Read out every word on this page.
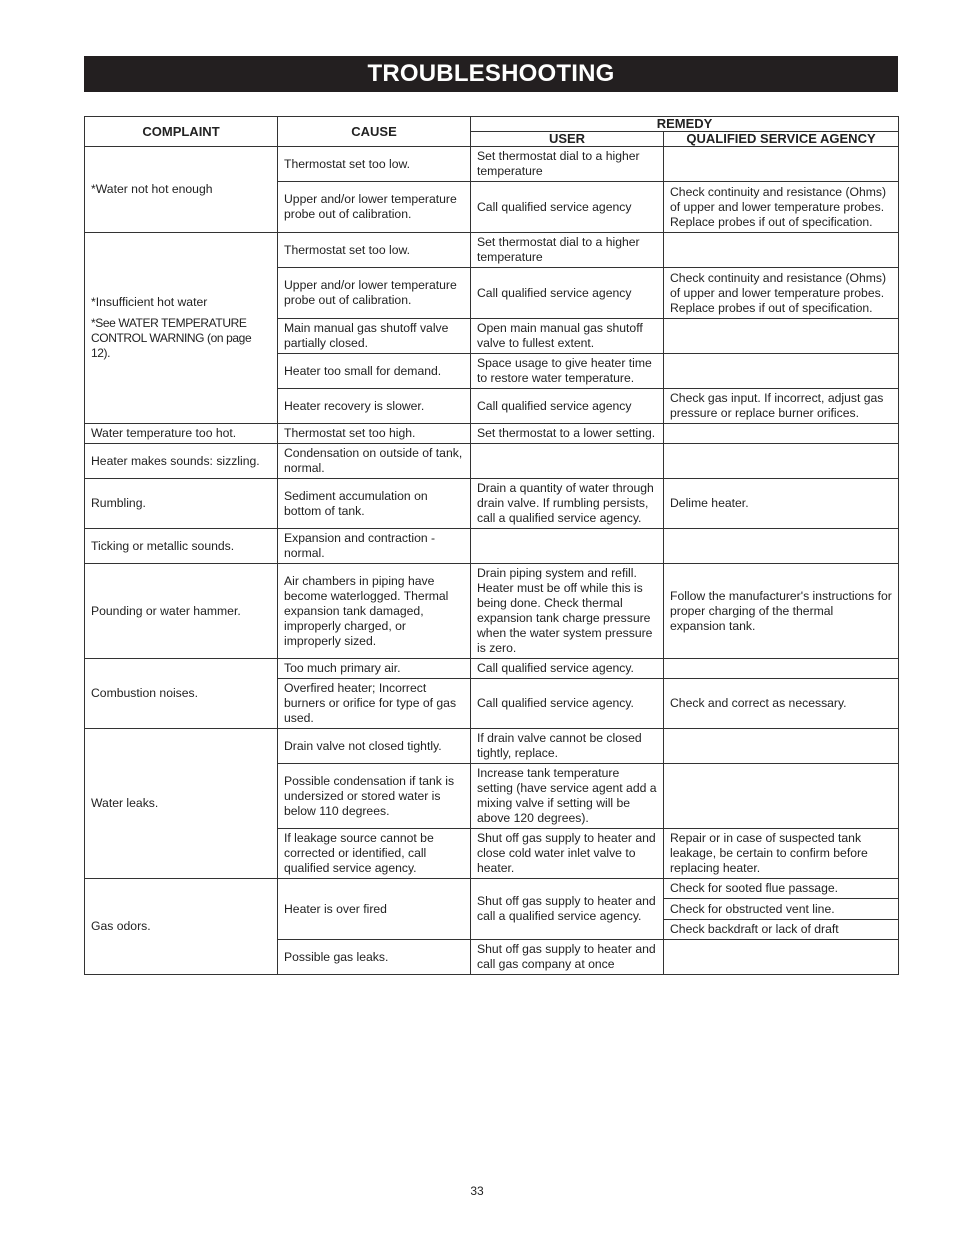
TROUBLESHOOTING
COMPLAINT	CAUSE	REMEDY	
		USER	QUALIFIED SERVICE AGENCY
*Water not hot enough	Thermostat set too low.	Set thermostat dial to a higher temperature	
	Upper and/or lower temperature probe out of calibration.	Call qualified service agency	Check continuity and resistance (Ohms) of upper and lower temperature probes. Replace probes if out of specification.

*Insufficient hot water
*See WATER TEMPERATURE CONTROL WARNING (on page 12).	Thermostat set too low.	Set thermostat dial to a higher temperature	
	Upper and/or lower temperature probe out of calibration.	Call qualified service agency	Check continuity and resistance (Ohms) of upper and lower temperature probes. Replace probes if out of specification.
	Main manual gas shutoff valve partially closed.	Open main manual gas shutoff valve to fullest extent.	
	Heater too small for demand.	Space usage to give heater time to restore water temperature.	
	Heater recovery is slower.	Call qualified service agency	Check gas input. If incorrect, adjust gas pressure or replace burner orifices.
Water temperature too hot.	Thermostat set too high.	Set thermostat to a lower setting.	
Heater makes sounds: sizzling.	Condensation on outside of tank, normal.		
Rumbling.	Sediment accumulation on bottom of tank.	Drain a quantity of water through drain valve. If rumbling persists, call a qualified service agency.	Delime heater.
Ticking or metallic sounds.	Expansion and contraction - normal.		
Pounding or water hammer.	Air chambers in piping have become waterlogged. Thermal expansion tank damaged, improperly charged, or improperly sized.	Drain piping system and refill. Heater must be off while this is being done. Check thermal expansion tank charge pressure when the water system pressure is zero.	Follow the manufacturer's instructions for proper charging of the thermal expansion tank.
Combustion noises.	Too much primary air.	Call qualified service agency.	
	Overfired heater; Incorrect burners or orifice for type of gas used.	Call qualified service agency.	Check and correct as necessary.
Water leaks.	Drain valve not closed tightly.	If drain valve cannot be closed tightly, replace.	
	Possible condensation if tank is undersized or stored water is below 110 degrees.	Increase tank temperature setting (have service agent add a mixing valve if setting will be above 120 degrees).	
	If leakage source cannot be corrected or identified, call qualified service agency.	Shut off gas supply to heater and close cold water inlet valve to heater.	Repair or in case of suspected tank leakage, be certain to confirm before replacing heater.
Gas odors.	Heater is over fired	Shut off gas supply to heater and call a qualified service agency.	Check for sooted flue passage.
			Check for obstructed vent line.
			Check backdraft or lack of draft
	Possible gas leaks.	Shut off gas supply to heater and call gas company at once	
33
